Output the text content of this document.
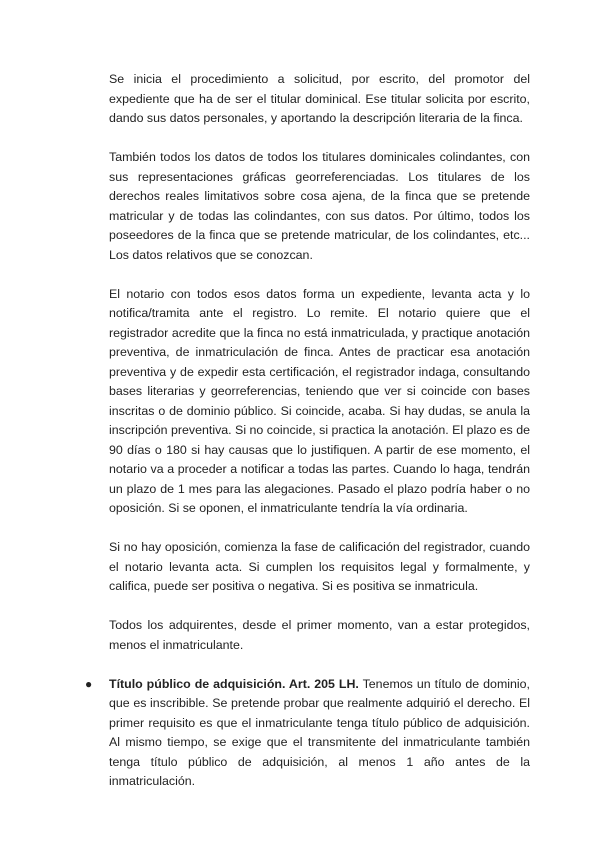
Se inicia el procedimiento a solicitud, por escrito, del promotor del expediente que ha de ser el titular dominical. Ese titular solicita por escrito, dando sus datos personales, y aportando la descripción literaria de la finca.

También todos los datos de todos los titulares dominicales colindantes, con sus representaciones gráficas georreferenciadas. Los titulares de los derechos reales limitativos sobre cosa ajena, de la finca que se pretende matricular y de todas las colindantes, con sus datos. Por último, todos los poseedores de la finca que se pretende matricular, de los colindantes, etc... Los datos relativos que se conozcan.

El notario con todos esos datos forma un expediente, levanta acta y lo notifica/tramita ante el registro. Lo remite. El notario quiere que el registrador acredite que la finca no está inmatriculada, y practique anotación preventiva, de inmatriculación de finca. Antes de practicar esa anotación preventiva y de expedir esta certificación, el registrador indaga, consultando bases literarias y georreferencias, teniendo que ver si coincide con bases inscritas o de dominio público. Si coincide, acaba. Si hay dudas, se anula la inscripción preventiva. Si no coincide, si practica la anotación. El plazo es de 90 días o 180 si hay causas que lo justifiquen. A partir de ese momento, el notario va a proceder a notificar a todas las partes. Cuando lo haga, tendrán un plazo de 1 mes para las alegaciones. Pasado el plazo podría haber o no oposición. Si se oponen, el inmatriculante tendría la vía ordinaria.

Si no hay oposición, comienza la fase de calificación del registrador, cuando el notario levanta acta. Si cumplen los requisitos legal y formalmente, y califica, puede ser positiva o negativa. Si es positiva se inmatricula.

Todos los adquirentes, desde el primer momento, van a estar protegidos, menos el inmatriculante.

● Título público de adquisición. Art. 205 LH. Tenemos un título de dominio, que es inscribible. Se pretende probar que realmente adquirió el derecho. El primer requisito es que el inmatriculante tenga título público de adquisición. Al mismo tiempo, se exige que el transmitente del inmatriculante también tenga título público de adquisición, al menos 1 año antes de la inmatriculación.
